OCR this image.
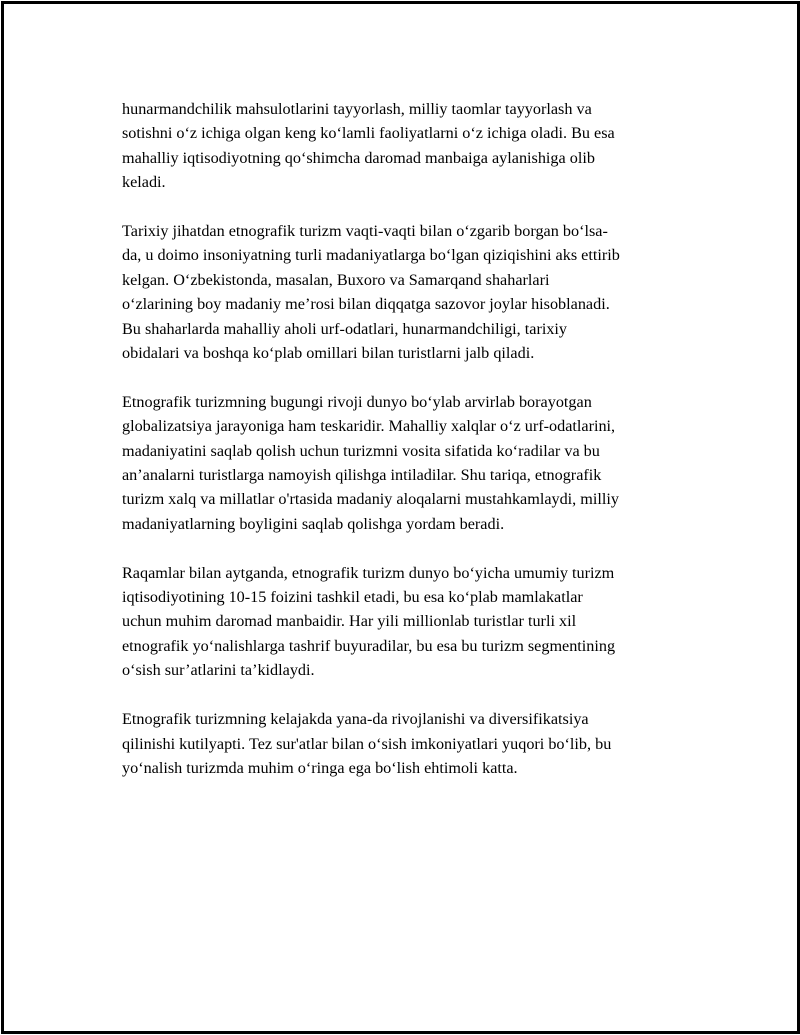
hunarmandchilik mahsulotlarini tayyorlash, milliy taomlar tayyorlash va
sotishni o‘z ichiga olgan keng ko‘lamli faoliyatlarni o‘z ichiga oladi. Bu esa
mahalliy iqtisodiyotning qo‘shimcha daromad manbaiga aylanishiga olib
keladi.

Tarixiy jihatdan etnografik turizm vaqti-vaqti bilan o‘zgarib borgan bo‘lsa-
da, u doimo insoniyatning turli madaniyatlarga bo‘lgan qiziqishini aks ettirib
kelgan. O‘zbekistonda, masalan, Buxoro va Samarqand shaharlari
o‘zlarining boy madaniy me’rosi bilan diqqatga sazovor joylar hisoblanadi.
Bu shaharlarda mahalliy aholi urf-odatlari, hunarmandchiligi, tarixiy
obidalari va boshqa ko‘plab omillari bilan turistlarni jalb qiladi.

Etnografik turizmning bugungi rivoji dunyo bo‘ylab arvirlab borayotgan
globalizatsiya jarayoniga ham teskaridir. Mahalliy xalqlar o‘z urf-odatlarini,
madaniyatini saqlab qolish uchun turizmni vosita sifatida ko‘radilar va bu
an’analarni turistlarga namoyish qilishga intiladilar. Shu tariqa, etnografik
turizm xalq va millatlar o'rtasida madaniy aloqalarni mustahkamlaydi, milliy
madaniyatlarning boyligini saqlab qolishga yordam beradi.

Raqamlar bilan aytganda, etnografik turizm dunyo bo‘yicha umumiy turizm
iqtisodiyotining 10-15 foizini tashkil etadi, bu esa ko‘plab mamlakatlar
uchun muhim daromad manbaidir. Har yili millionlab turistlar turli xil
etnografik yo‘nalishlarga tashrif buyuradilar, bu esa bu turizm segmentining
o‘sish sur’atlarini ta’kidlaydi.

Etnografik turizmning kelajakda yana-da rivojlanishi va diversifikatsiya
qilinishi kutilyapti. Tez sur'atlar bilan o‘sish imkoniyatlari yuqori bo‘lib, bu
yo‘nalish turizmda muhim o‘ringa ega bo‘lish ehtimoli katta.
